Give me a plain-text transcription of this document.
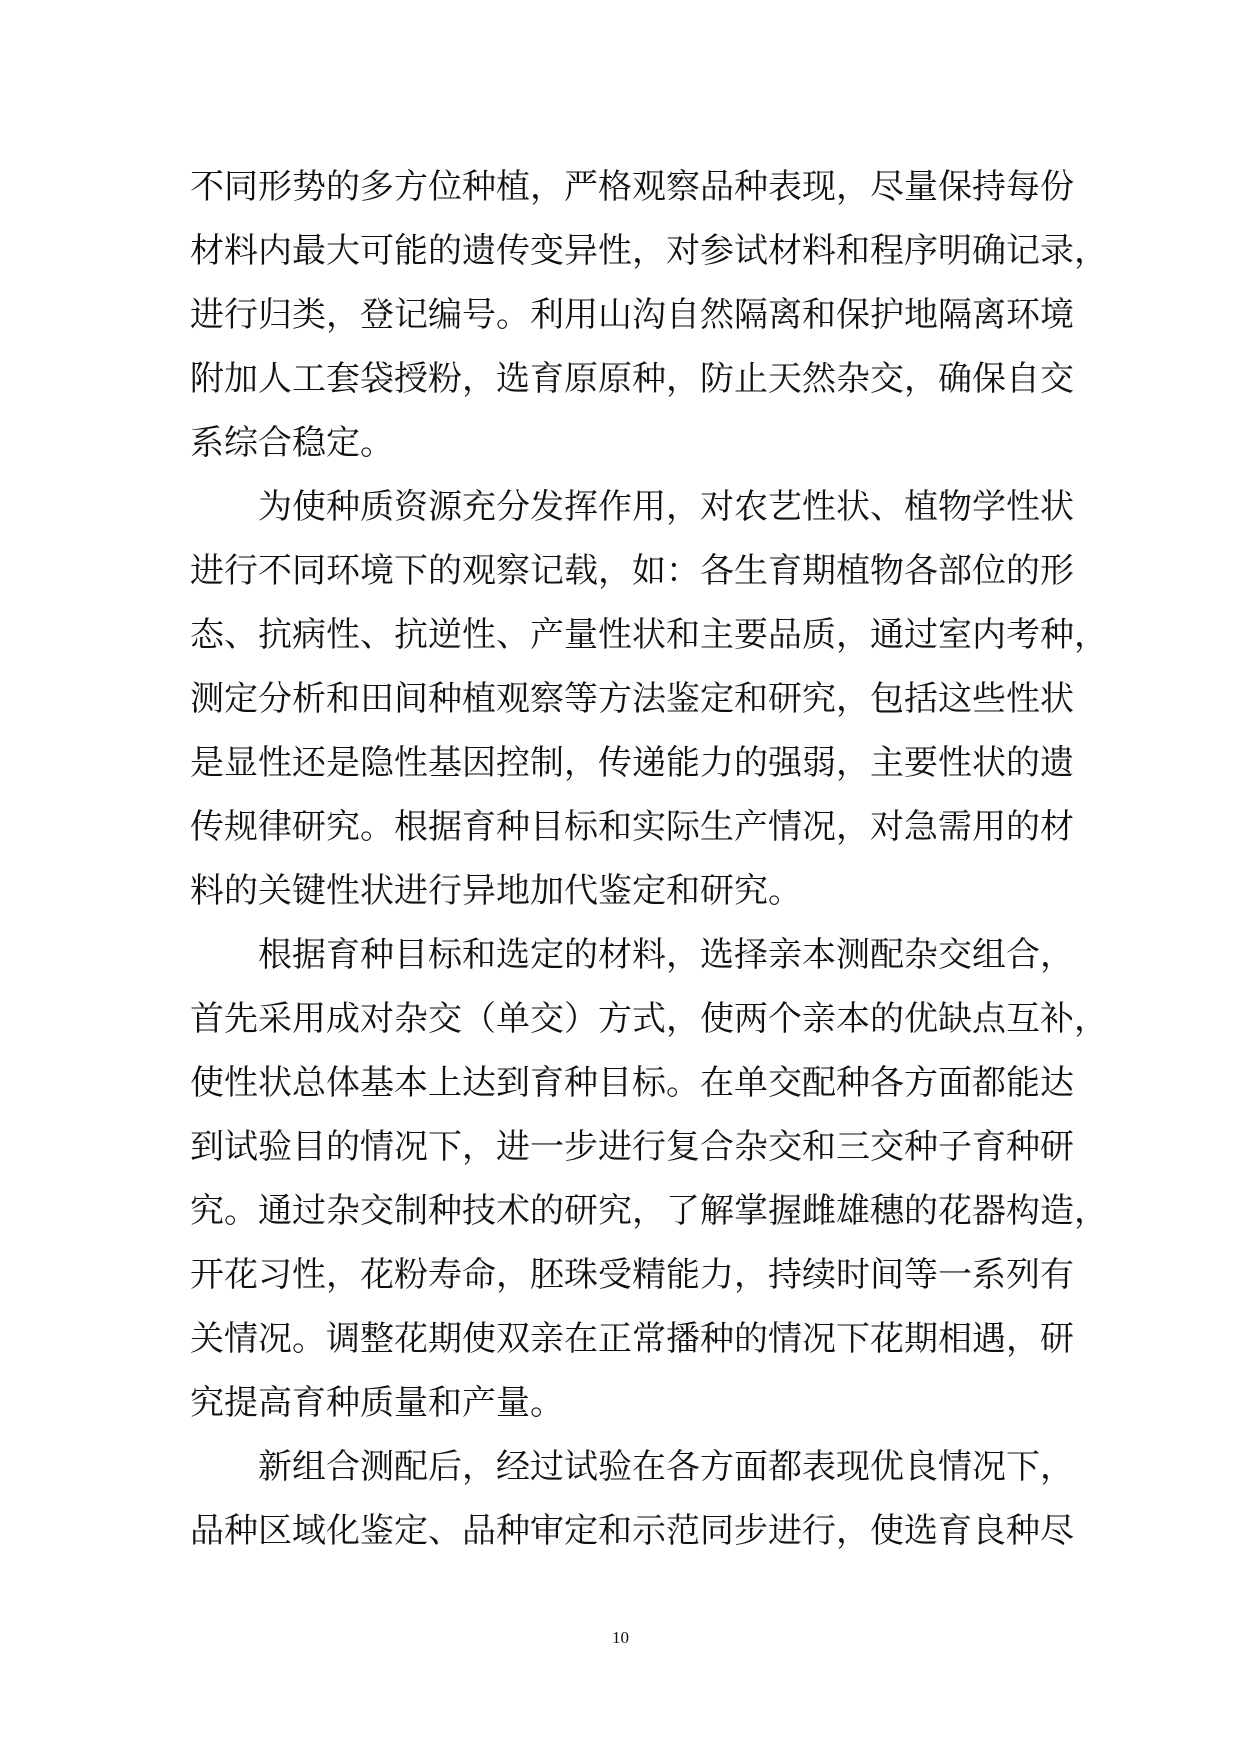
不同形势的多方位种植，严格观察品种表现，尽量保持每份
材料内最大可能的遗传变异性，对参试材料和程序明确记录，
进行归类，登记编号。利用山沟自然隔离和保护地隔离环境
附加人工套袋授粉，选育原原种，防止天然杂交，确保自交
系综合稳定。

为使种质资源充分发挥作用，对农艺性状、植物学性状
进行不同环境下的观察记载，如：各生育期植物各部位的形
态、抗病性、抗逆性、产量性状和主要品质，通过室内考种，
测定分析和田间种植观察等方法鉴定和研究，包括这些性状
是显性还是隐性基因控制，传递能力的强弱，主要性状的遗
传规律研究。根据育种目标和实际生产情况，对急需用的材
料的关键性状进行异地加代鉴定和研究。

根据育种目标和选定的材料，选择亲本测配杂交组合，
首先采用成对杂交（单交）方式，使两个亲本的优缺点互补，
使性状总体基本上达到育种目标。在单交配种各方面都能达
到试验目的情况下，进一步进行复合杂交和三交种子育种研
究。通过杂交制种技术的研究，了解掌握雌雄穗的花器构造，
开花习性，花粉寿命，胚珠受精能力，持续时间等一系列有
关情况。调整花期使双亲在正常播种的情况下花期相遇，研
究提高育种质量和产量。

新组合测配后，经过试验在各方面都表现优良情况下，
品种区域化鉴定、品种审定和示范同步进行，使选育良种尽

10
